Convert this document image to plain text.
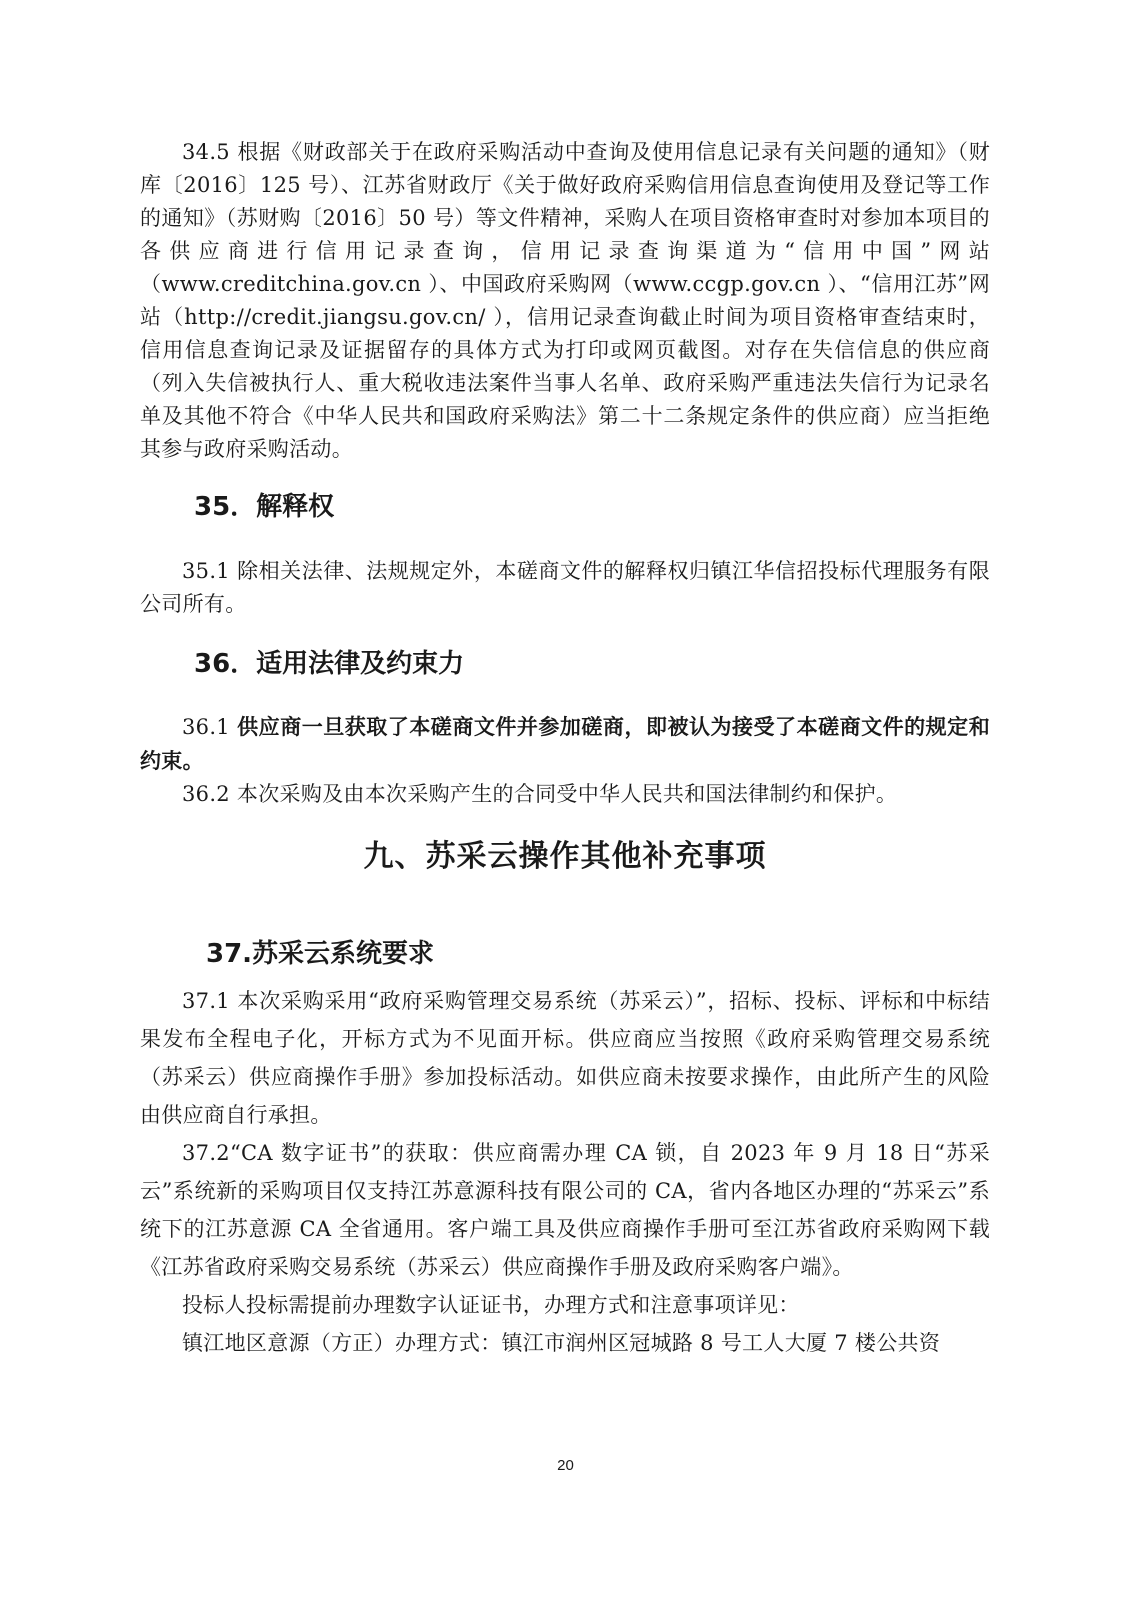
34.5 根据《财政部关于在政府采购活动中查询及使用信息记录有关问题的通知》（财库〔2016〕125 号）、江苏省财政厅《关于做好政府采购信用信息查询使用及登记等工作的通知》（苏财购〔2016〕50 号）等文件精神，采购人在项目资格审查时对参加本项目的各供应商进行信用记录查询，信用记录查询渠道为“信用中国”网站（www.creditchina.gov.cn ）、中国政府采购网（www.ccgp.gov.cn ）、“信用江苏”网站（http://credit.jiangsu.gov.cn/ ），信用记录查询截止时间为项目资格审查结束时，信用信息查询记录及证据留存的具体方式为打印或网页截图。对存在失信信息的供应商（列入失信被执行人、重大税收违法案件当事人名单、政府采购严重违法失信行为记录名单及其他不符合《中华人民共和国政府采购法》第二十二条规定条件的供应商）应当拒绝其参与政府采购活动。

35．解释权

35.1 除相关法律、法规规定外，本磋商文件的解释权归镇江华信招投标代理服务有限公司所有。

36．适用法律及约束力

36.1 供应商一旦获取了本磋商文件并参加磋商，即被认为接受了本磋商文件的规定和约束。

36.2 本次采购及由本次采购产生的合同受中华人民共和国法律制约和保护。

九、苏采云操作其他补充事项

37.苏采云系统要求

37.1 本次采购采用“政府采购管理交易系统（苏采云）”，招标、投标、评标和中标结果发布全程电子化，开标方式为不见面开标。供应商应当按照《政府采购管理交易系统（苏采云）供应商操作手册》参加投标活动。如供应商未按要求操作，由此所产生的风险由供应商自行承担。

37.2“CA 数字证书”的获取：供应商需办理 CA 锁，自 2023 年 9 月 18 日“苏采云”系统新的采购项目仅支持江苏意源科技有限公司的 CA，省内各地区办理的“苏采云”系统下的江苏意源 CA 全省通用。客户端工具及供应商操作手册可至江苏省政府采购网下载《江苏省政府采购交易系统（苏采云）供应商操作手册及政府采购客户端》。

投标人投标需提前办理数字认证证书，办理方式和注意事项详见：

镇江地区意源（方正）办理方式：镇江市润州区冠城路 8 号工人大厦 7 楼公共资

20
